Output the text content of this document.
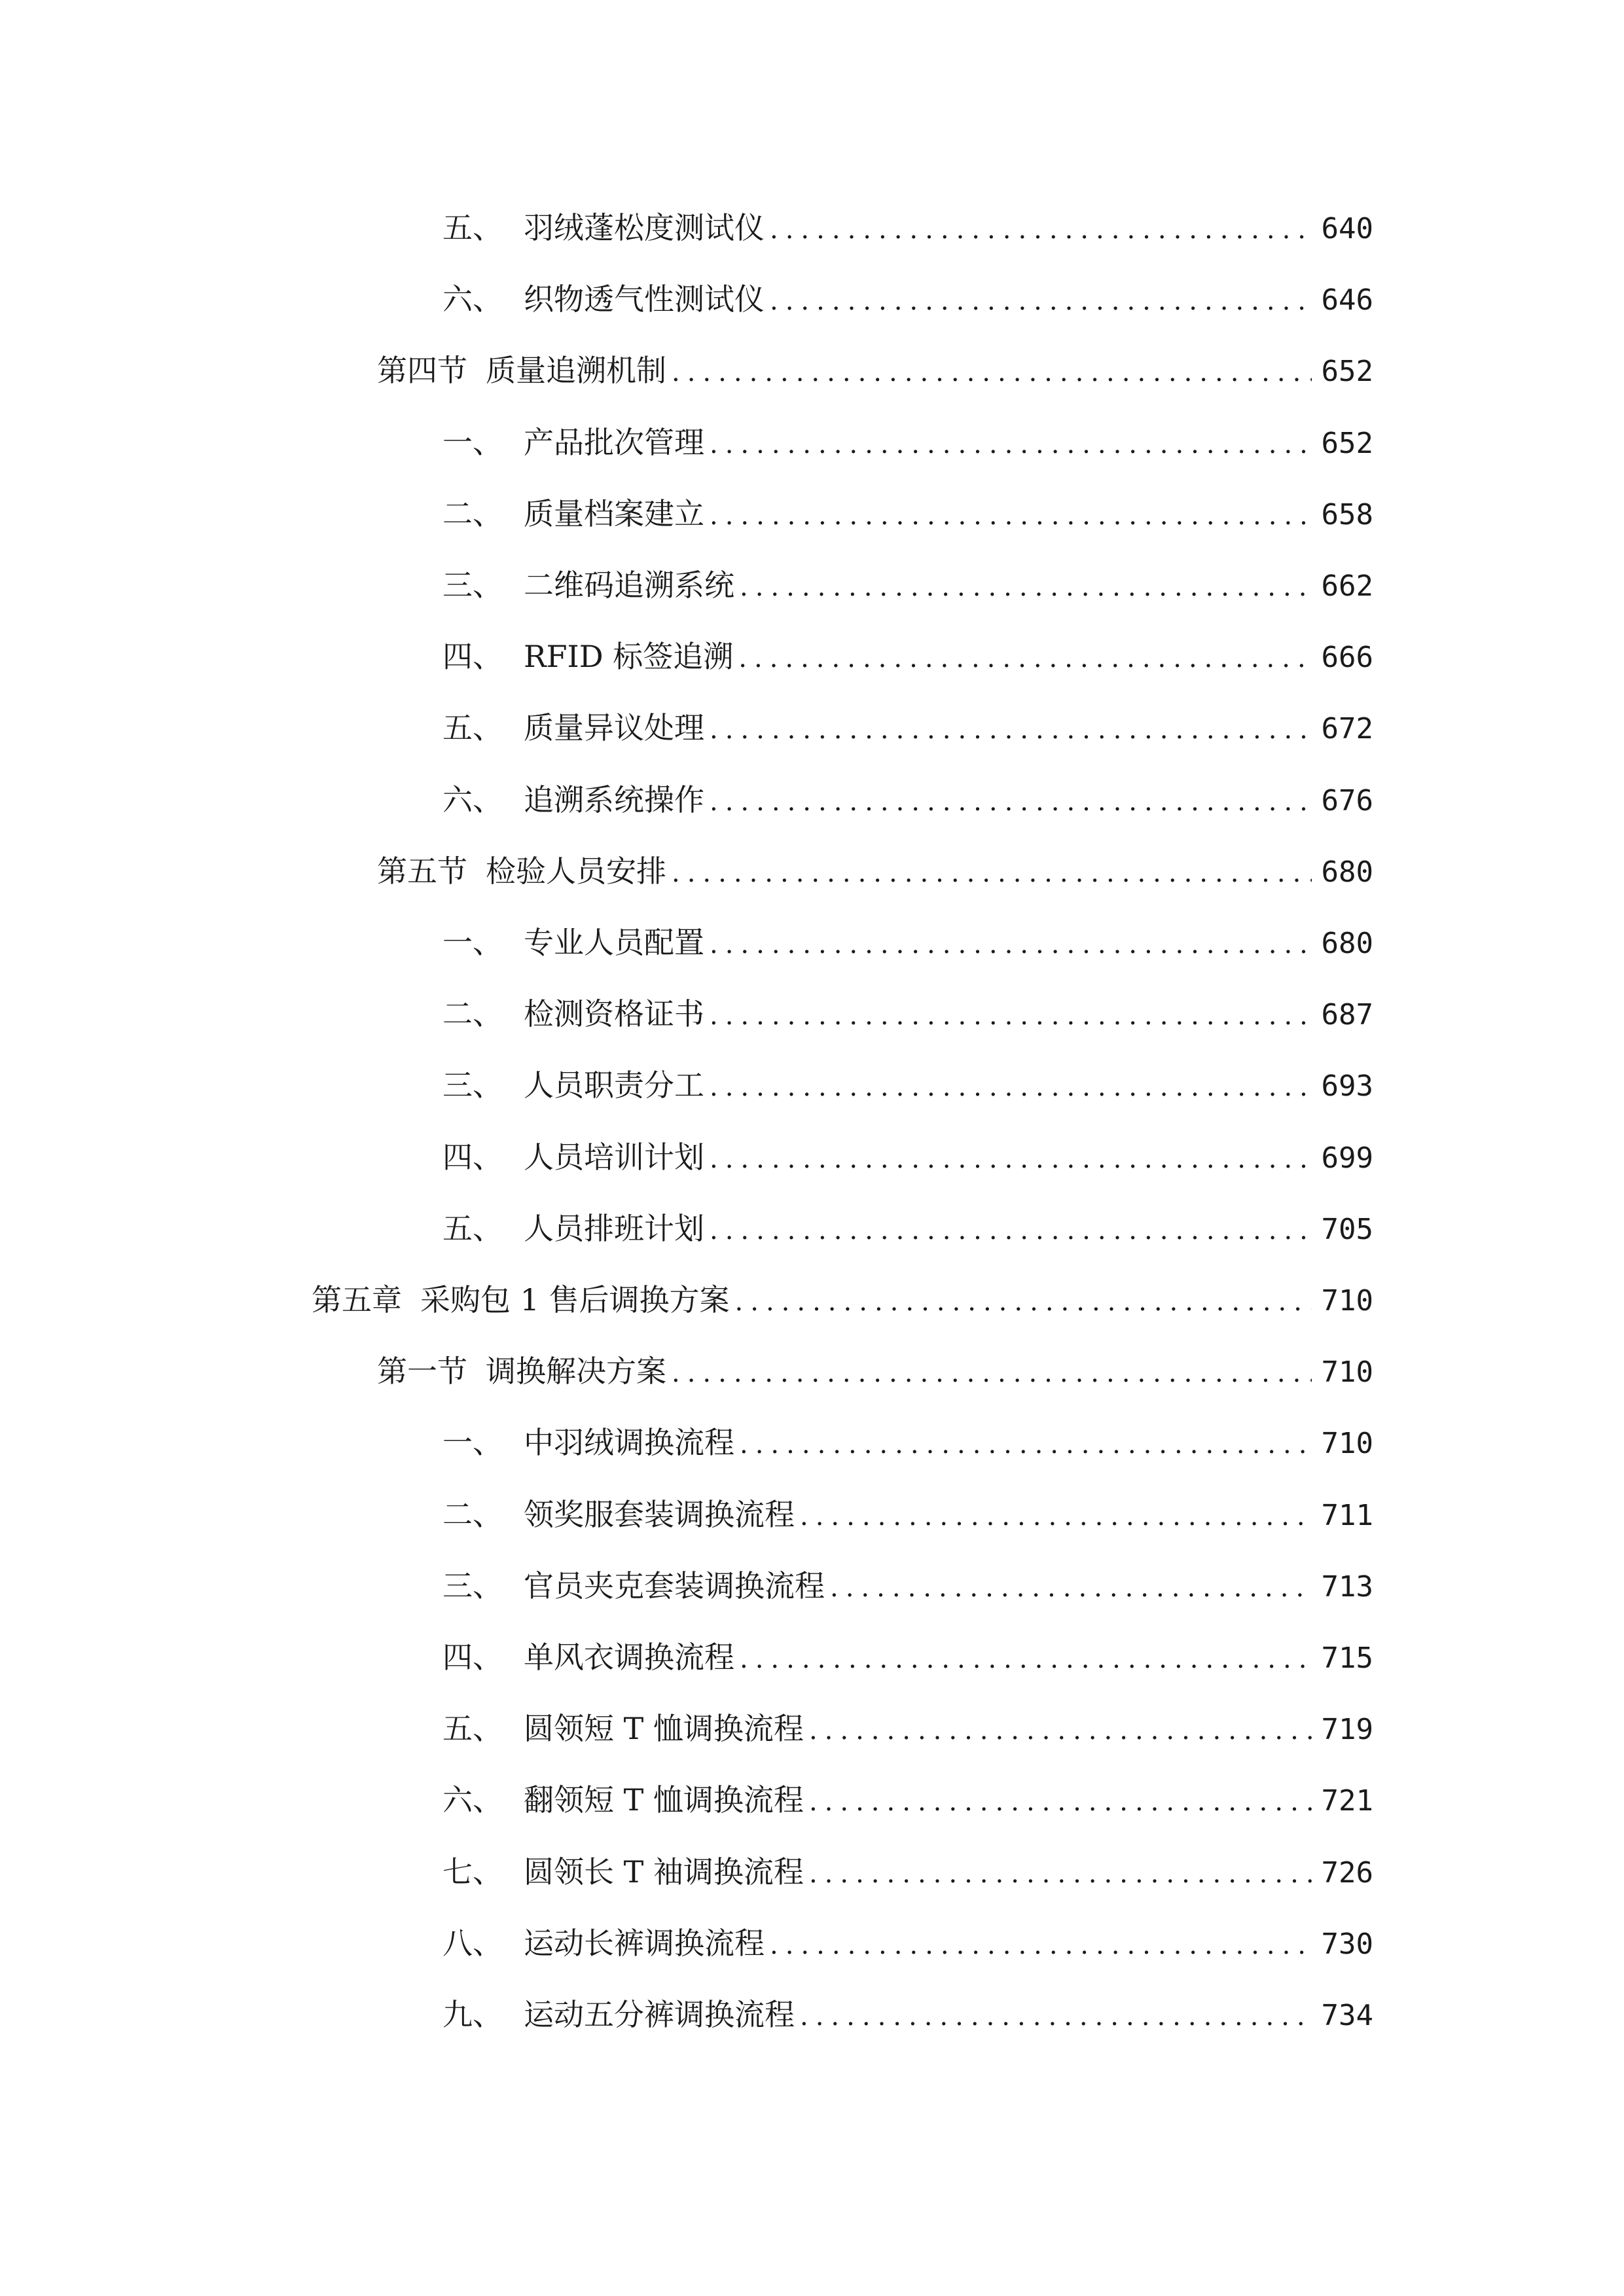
五、 羽绒蓬松度测试仪 .....	640
六、 织物透气性测试仪 .....	646
第四节 质量追溯机制 .....	652
一、 产品批次管理 .....	652
二、 质量档案建立 .....	658
三、 二维码追溯系统 .....	662
四、 RFID 标签追溯 .....	666
五、 质量异议处理 .....	672
六、 追溯系统操作 .....	676
第五节 检验人员安排 .....	680
一、 专业人员配置 .....	680
二、 检测资格证书 .....	687
三、 人员职责分工 .....	693
四、 人员培训计划 .....	699
五、 人员排班计划 .....	705
第五章 采购包 1 售后调换方案 .....	710
第一节 调换解决方案 .....	710
一、 中羽绒调换流程 .....	710
二、 领奖服套装调换流程 .....	711
三、 官员夹克套装调换流程 .....	713
四、 单风衣调换流程 .....	715
五、 圆领短 T 恤调换流程 .....	719
六、 翻领短 T 恤调换流程 .....	721
七、 圆领长 T 袖调换流程 .....	726
八、 运动长裤调换流程 .....	730
九、 运动五分裤调换流程 .....	734
